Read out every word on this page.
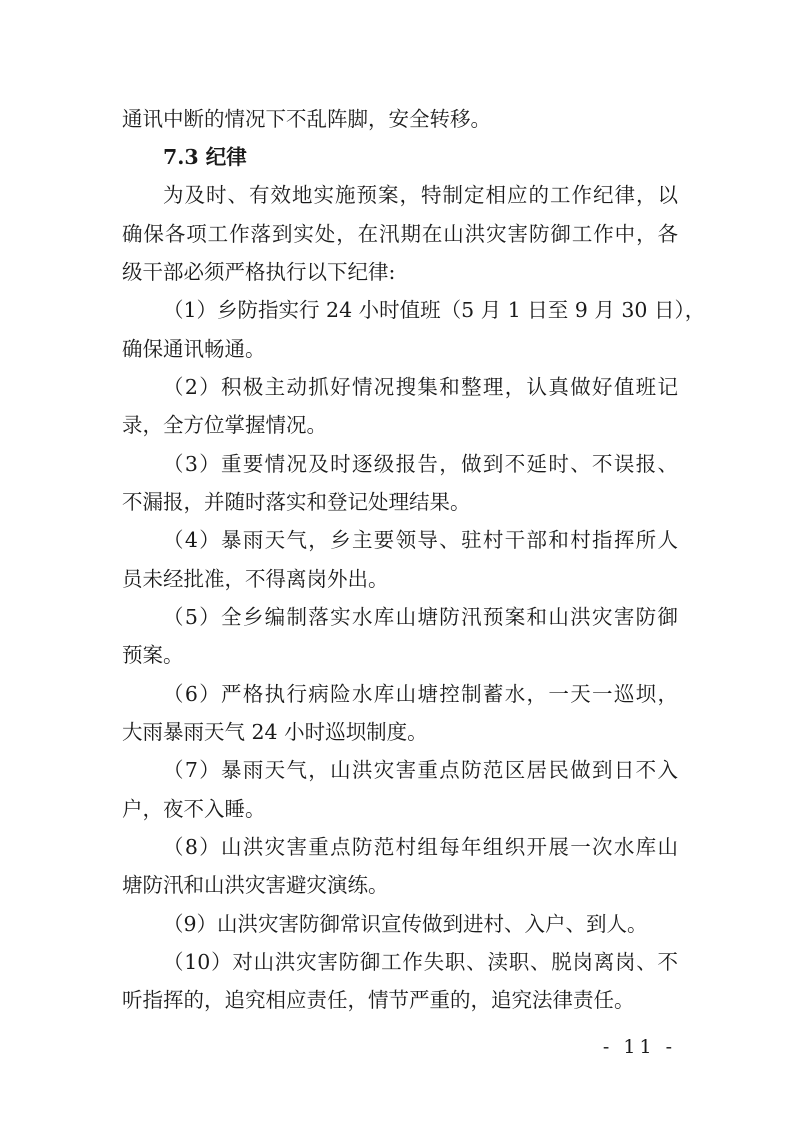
通讯中断的情况下不乱阵脚，安全转移。
7.3 纪律
为及时、有效地实施预案，特制定相应的工作纪律，以
确保各项工作落到实处，在汛期在山洪灾害防御工作中，各
级干部必须严格执行以下纪律:
（1）乡防指实行 24 小时值班（5 月 1 日至 9 月 30 日），
确保通讯畅通。
（2）积极主动抓好情况搜集和整理，认真做好值班记
录，全方位掌握情况。
（3）重要情况及时逐级报告，做到不延时、不误报、
不漏报，并随时落实和登记处理结果。
（4）暴雨天气，乡主要领导、驻村干部和村指挥所人
员未经批准，不得离岗外出。
（5）全乡编制落实水库山塘防汛预案和山洪灾害防御
预案。
（6）严格执行病险水库山塘控制蓄水，一天一巡坝，
大雨暴雨天气 24 小时巡坝制度。
（7）暴雨天气，山洪灾害重点防范区居民做到日不入
户，夜不入睡。
（8）山洪灾害重点防范村组每年组织开展一次水库山
塘防汛和山洪灾害避灾演练。
（9）山洪灾害防御常识宣传做到进村、入户、到人。
（10）对山洪灾害防御工作失职、渎职、脱岗离岗、不
听指挥的，追究相应责任，情节严重的，追究法律责任。
- 11 -
